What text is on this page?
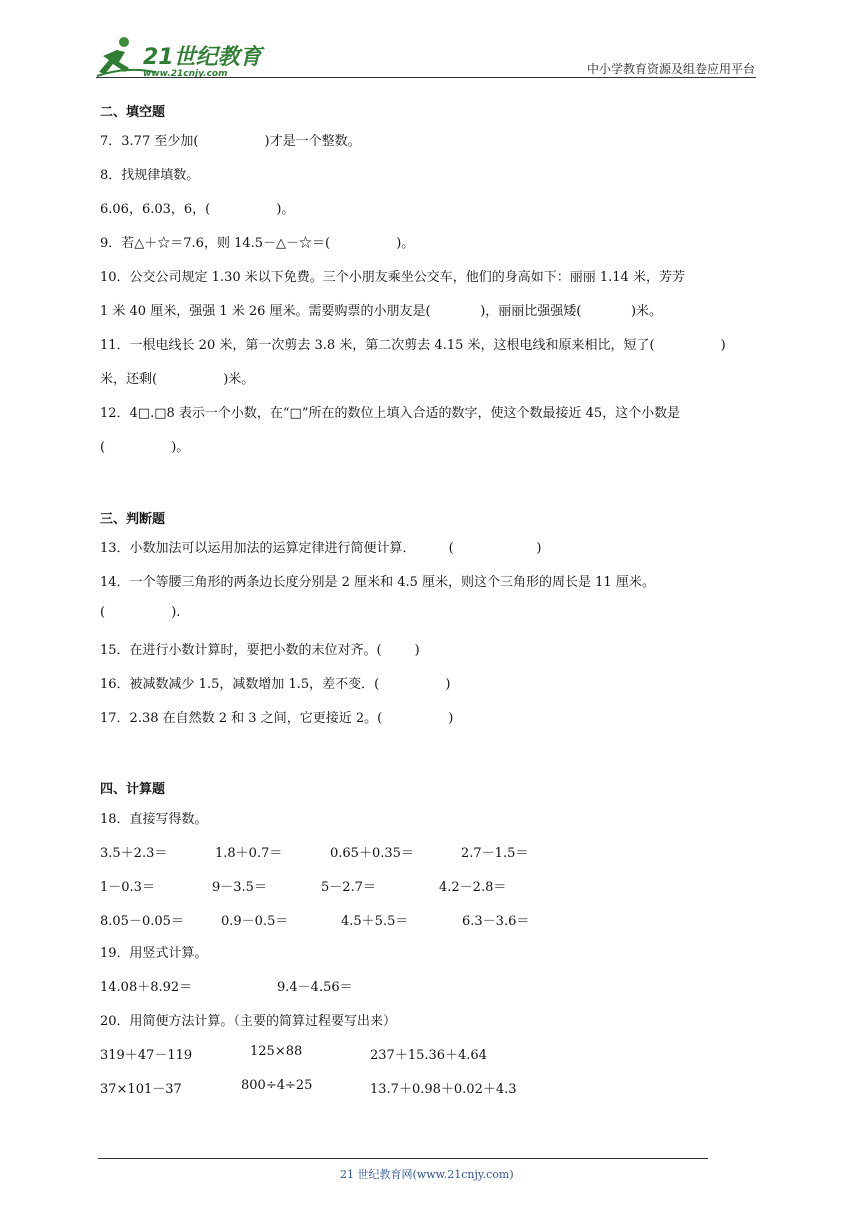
21世纪教育
www.21cnjy.com	中小学教育资源及组卷应用平台
二、填空题
三、判断题
四、计算题
7．3.77 至少加(                )才是一个整数。
8．找规律填数。
6.06，6.03，6，(                )。
9．若△＋☆＝7.6，则 14.5－△－☆＝(                )。
10．公交公司规定 1.30 米以下免费。三个小朋友乘坐公交车，他们的身高如下：丽丽 1.14 米，芳芳
1 米 40 厘米，强强 1 米 26 厘米。需要购票的小朋友是(            )，丽丽比强强矮(            )米。
11．一根电线长 20 米，第一次剪去 3.8 米，第二次剪去 4.15 米，这根电线和原来相比，短了(                )
米，还剩(                )米。
12．4□.□8 表示一个小数，在“□”所在的数位上填入合适的数字，使这个数最接近 45，这个小数是
(                )。
13．小数加法可以运用加法的运算定律进行简便计算．        (                    )
14．一个等腰三角形的两条边长度分别是 2 厘米和 4.5 厘米，则这个三角形的周长是 11 厘米。
(                ).
15．在进行小数计算时，要把小数的末位对齐。(        )
16．被减数减少 1.5，减数增加 1.5，差不变．(                )
17．2.38 在自然数 2 和 3 之间，它更接近 2。(                )
18．直接写得数。
19．用竖式计算。
20．用简便方法计算。（主要的简算过程要写出来）
3.5＋2.3＝	1.8＋0.7＝	0.65＋0.35＝	2.7－1.5＝
1－0.3＝	9－3.5＝	5－2.7＝	4.2－2.8＝
8.05－0.05＝	0.9－0.5＝	4.5＋5.5＝	6.3－3.6＝
14.08＋8.92＝	9.4－4.56＝
319＋47－119	125×88	237＋15.36＋4.64
37×101－37	800÷4÷25	13.7＋0.98＋0.02＋4.3
21 世纪教育网(www.21cnjy.com)
